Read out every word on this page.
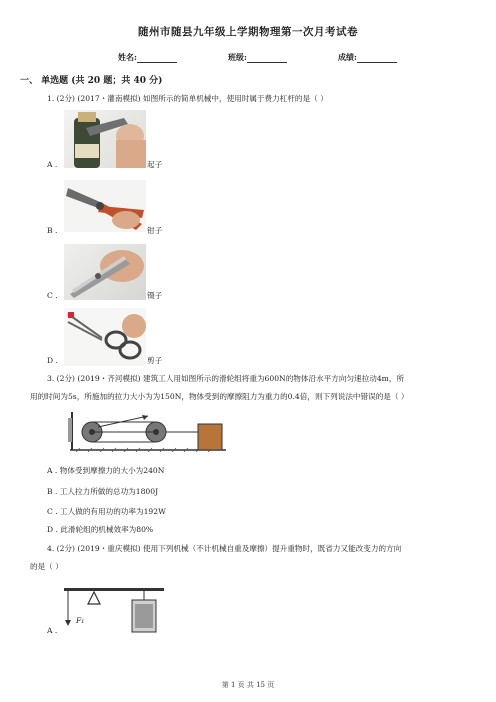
随州市随县九年级上学期物理第一次月考试卷
姓名:	班级:	成绩:
一、 单选题 (共 20 题；共 40 分)
1. (2分) (2017・灌南模拟) 如图所示的简单机械中，使用时属于费力杠杆的是（ ）
A .	起子
B .	钳子
C .	镊子
D .	剪子
3. (2分) (2019・齐河模拟) 建筑工人用如图所示的滑轮组将重为600N的物体沿水平方向匀速拉动4m，所
用的时间为5s，所施加的拉力大小为为150N，物体受到的摩擦阻力为重力的0.4倍，则下列说法中错误的是（ ）
A . 物体受到摩擦力的大小为240N
B . 工人拉力所做的总功为1800J
C . 工人做的有用功的功率为192W
D . 此滑轮组的机械效率为80%
4. (2分) (2019・重庆模拟) 使用下列机械（不计机械自重及摩擦）提升重物时，既省力又能改变力的方向
的是（ ）
A .
F₁
第 1 页 共 15 页
